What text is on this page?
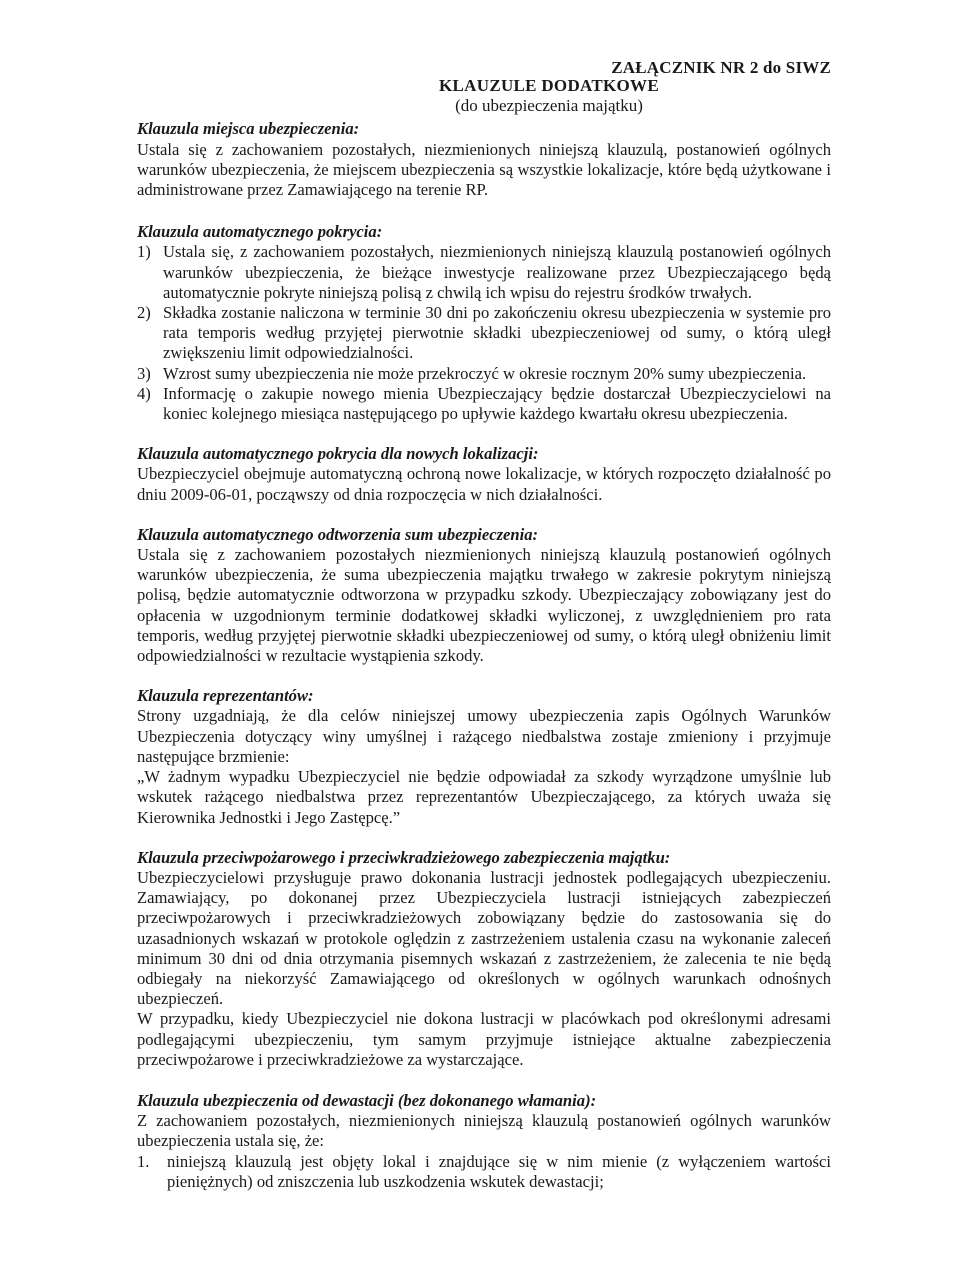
ZAŁĄCZNIK NR 2 do SIWZ
KLAUZULE DODATKOWE
(do ubezpieczenia majątku)
Klauzula miejsca ubezpieczenia:

Ustala się z zachowaniem pozostałych, niezmienionych niniejszą klauzulą, postanowień ogólnych warunków ubezpieczenia, że miejscem ubezpieczenia są wszystkie lokalizacje, które będą użytkowane i administrowane przez Zamawiającego na terenie RP.

Klauzula automatycznego pokrycia:
1) Ustala się, z zachowaniem pozostałych, niezmienionych niniejszą klauzulą postanowień ogólnych warunków ubezpieczenia, że bieżące inwestycje realizowane przez Ubezpieczającego będą automatycznie pokryte niniejszą polisą z chwilą ich wpisu do rejestru środków trwałych.
2) Składka zostanie naliczona w terminie 30 dni po zakończeniu okresu ubezpieczenia w systemie pro rata temporis według przyjętej pierwotnie składki ubezpieczeniowej od sumy, o którą uległ zwiększeniu limit odpowiedzialności.
3) Wzrost sumy ubezpieczenia nie może przekroczyć w okresie rocznym 20% sumy ubezpieczenia.
4) Informację o zakupie nowego mienia Ubezpieczający będzie dostarczał Ubezpieczycielowi na koniec kolejnego miesiąca następującego po upływie każdego kwartału okresu ubezpieczenia.
Klauzula automatycznego pokrycia dla nowych lokalizacji:

Ubezpieczyciel obejmuje automatyczną ochroną nowe lokalizacje, w których rozpoczęto działalność po dniu 2009-06-01, począwszy od dnia rozpoczęcia w nich działalności.

Klauzula automatycznego odtworzenia sum ubezpieczenia:

Ustala się z zachowaniem pozostałych niezmienionych niniejszą klauzulą postanowień ogólnych warunków ubezpieczenia, że suma ubezpieczenia majątku trwałego w zakresie pokrytym niniejszą polisą, będzie automatycznie odtworzona w przypadku szkody. Ubezpieczający zobowiązany jest do opłacenia w uzgodnionym terminie dodatkowej składki wyliczonej, z uwzględnieniem pro rata temporis, według przyjętej pierwotnie składki ubezpieczeniowej od sumy, o którą uległ obniżeniu limit odpowiedzialności w rezultacie wystąpienia szkody.

Klauzula reprezentantów:

Strony uzgadniają, że dla celów niniejszej umowy ubezpieczenia zapis Ogólnych Warunków Ubezpieczenia dotyczący winy umyślnej i rażącego niedbalstwa zostaje zmieniony i przyjmuje następujące brzmienie:

„W żadnym wypadku Ubezpieczyciel nie będzie odpowiadał za szkody wyrządzone umyślnie lub wskutek rażącego niedbalstwa przez reprezentantów Ubezpieczającego, za których uważa się Kierownika Jednostki i Jego Zastępcę.”

Klauzula przeciwpożarowego i przeciwkradzieżowego zabezpieczenia majątku:

Ubezpieczycielowi przysługuje prawo dokonania lustracji jednostek podlegających ubezpieczeniu. Zamawiający, po dokonanej przez Ubezpieczyciela lustracji istniejących zabezpieczeń przeciwpożarowych i przeciwkradzieżowych zobowiązany będzie do zastosowania się do uzasadnionych wskazań w protokole oględzin z zastrzeżeniem ustalenia czasu na wykonanie zaleceń minimum 30 dni od dnia otrzymania pisemnych wskazań z zastrzeżeniem, że zalecenia te nie będą odbiegały na niekorzyść Zamawiającego od określonych w ogólnych warunkach odnośnych ubezpieczeń.

W przypadku, kiedy Ubezpieczyciel nie dokona lustracji w placówkach pod określonymi adresami podlegającymi ubezpieczeniu, tym samym przyjmuje istniejące aktualne zabezpieczenia przeciwpożarowe i przeciwkradzieżowe za wystarczające.

Klauzula ubezpieczenia od dewastacji (bez dokonanego włamania):

Z zachowaniem pozostałych, niezmienionych niniejszą klauzulą postanowień ogólnych warunków ubezpieczenia ustala się, że:

1.	niniejszą klauzulą jest objęty lokal i znajdujące się w nim mienie (z wyłączeniem wartości pieniężnych) od zniszczenia lub uszkodzenia wskutek dewastacji;
